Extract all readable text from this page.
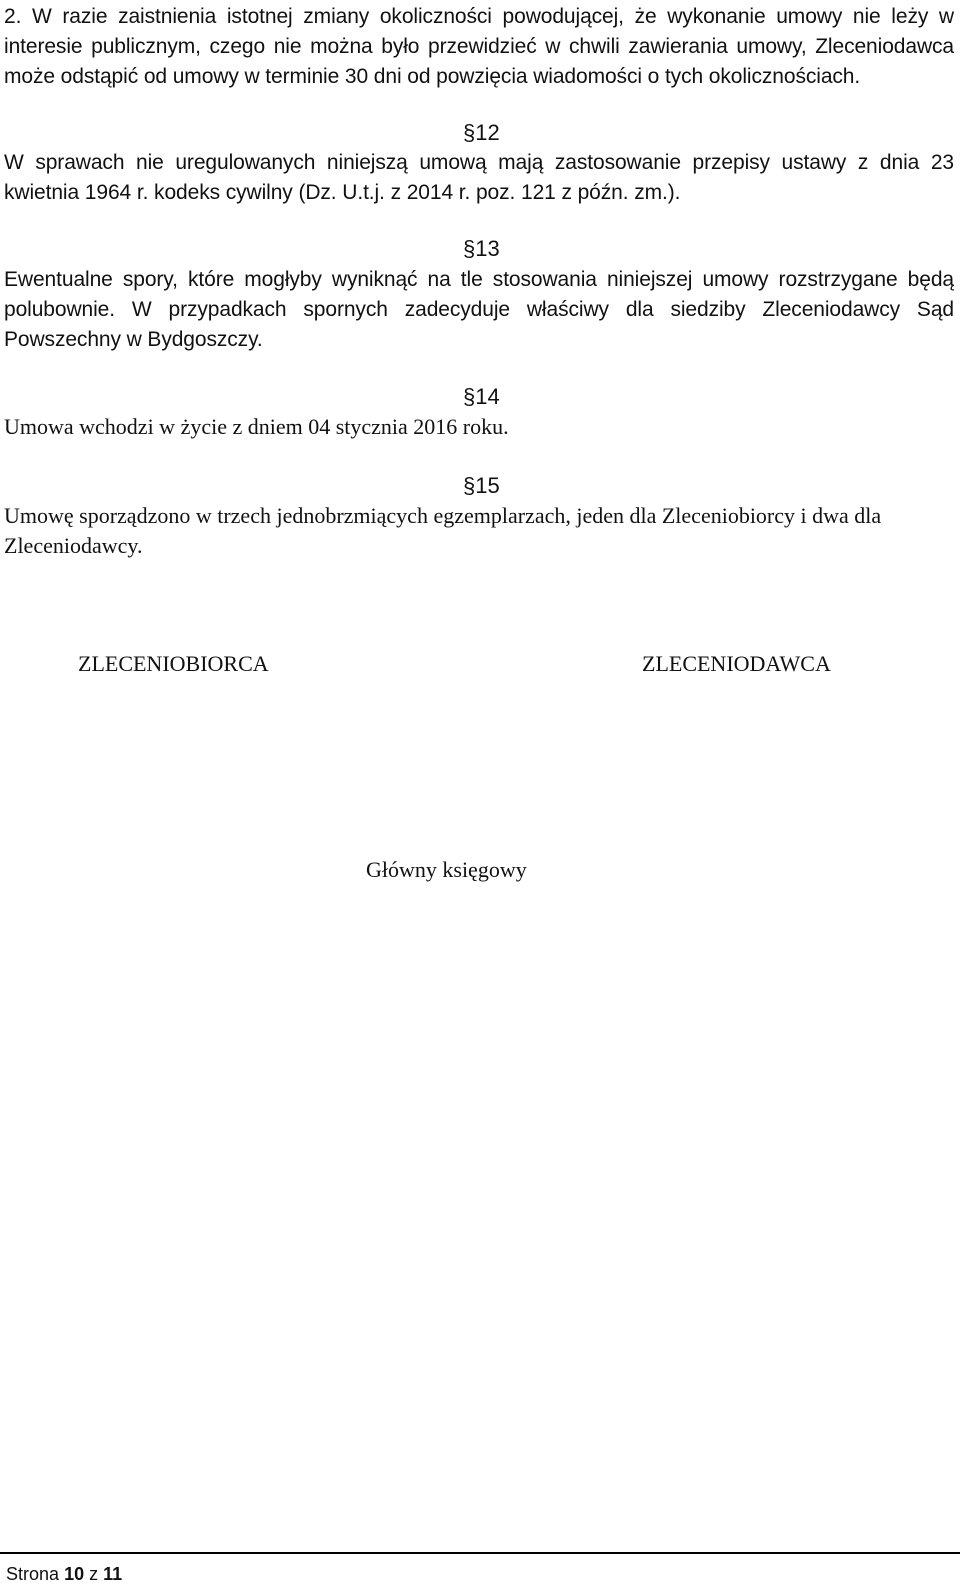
2. W razie zaistnienia istotnej zmiany okoliczności powodującej, że wykonanie umowy nie leży w interesie publicznym, czego nie można było przewidzieć w chwili zawierania umowy, Zleceniodawca może odstąpić od umowy w terminie 30 dni od powzięcia wiadomości o tych okolicznościach.

§12

W sprawach nie uregulowanych niniejszą umową mają zastosowanie przepisy ustawy z dnia 23 kwietnia 1964 r. kodeks cywilny (Dz. U.t.j. z 2014 r. poz. 121 z późn. zm.).

§13

Ewentualne spory, które mogłyby wyniknąć na tle stosowania niniejszej umowy rozstrzygane będą polubownie. W przypadkach spornych zadecyduje właściwy dla siedziby Zleceniodawcy Sąd Powszechny w Bydgoszczy.

§14

Umowa wchodzi w życie z dniem 04 stycznia 2016 roku.

§15

Umowę sporządzono w trzech jednobrzmiących egzemplarzach, jeden dla Zleceniobiorcy i dwa dla Zleceniodawcy.

ZLECENIOBIORCA	ZLECENIODAWCA
Główny księgowy
Strona 10 z 11
